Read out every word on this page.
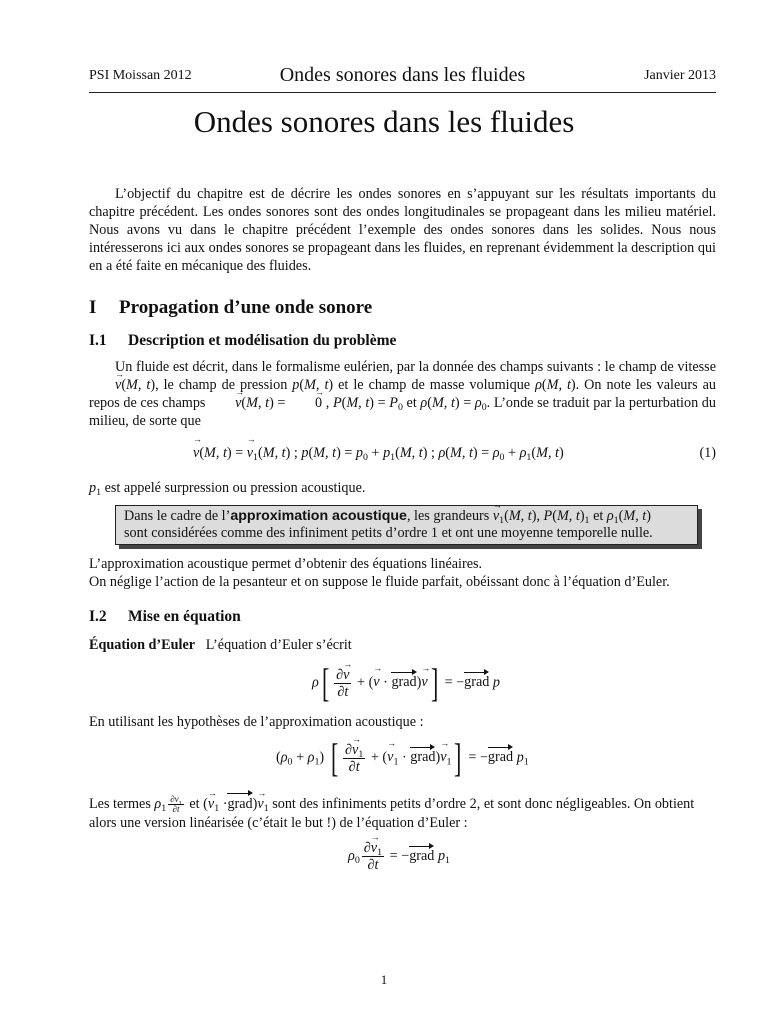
PSI Moissan 2012	Ondes sonores dans les fluides	Janvier 2013
Ondes sonores dans les fluides

L’objectif du chapitre est de décrire les ondes sonores en s’appuyant sur les résultats importants du chapitre précédent. Les ondes sonores sont des ondes longitudinales se propageant dans les milieu matériel. Nous avons vu dans le chapitre précédent l’exemple des ondes sonores dans les solides. Nous nous intéresserons ici aux ondes sonores se propageant dans les fluides, en reprenant évidemment la description qui en a été faite en mécanique des fluides.

I Propagation d’une onde sonore
I.1 Description et modélisation du problème

Un fluide est décrit, dans le formalisme eulérien, par la donnée des champs suivants : le champ de vitesse → v(M, t), le champ de pression p(M, t) et le champ de masse volumique ρ(M, t). On note les valeurs au repos de ces champs → v(M, t) = → 0 , P(M, $t) = P_0$ et ρ(M, $t) = \rho_0$. L’onde se traduit par la perturbation du milieu, de sorte que

→ v(M, t) = → $v_1(M$, t) ; p(M, $t) = p_0 + p_1(M$, t) ; ρ(M, $t) = \rho_0 + \rho_1(M$, t)	(1)

$p_1$ est appelé surpression ou pression acoustique.

Dans le cadre de l’approximation acoustique, les grandeurs → $v_1(M$, t), P(M, $t)_1$ et $\rho_1(M$, t)
sont considérées comme des infiniment petits d’ordre 1 et ont une moyenne temporelle nulle.

L’approximation acoustique permet d’obtenir des équations linéaires.

On néglige l’action de la pesanteur et on suppose le fluide parfait, obéissant donc à l’équation d’Euler.

I.2 Mise en équation

Équation d’Euler L’équation d’Euler s’écrit

$\rho[ \frac{\partial\to v}{\partial t}$ + (→ v · grad)→ v] = −grad p

En utilisant les hypothèses de l’approximation acoustique :

$(\rho_0 + \rho_1)$ [ $\frac{\partial\to v_1}{\partial t}$ + (→ $v_1$ · grad)→ $v_1$] = −grad $p_1$

Les termes $\rho_1 \frac{\partial v_1}{\partial t}$ et (→ $v_1$ ·grad)→ $v_1$ sont des infiniments petits d’ordre 2, et sont donc négligeables. On obtient
alors une version linéarisée (c’était le but !) de l’équation d’Euler :

$\rho_0 \frac{\partial\to v_1}{\partial t}$ = −grad $p_1$
1
